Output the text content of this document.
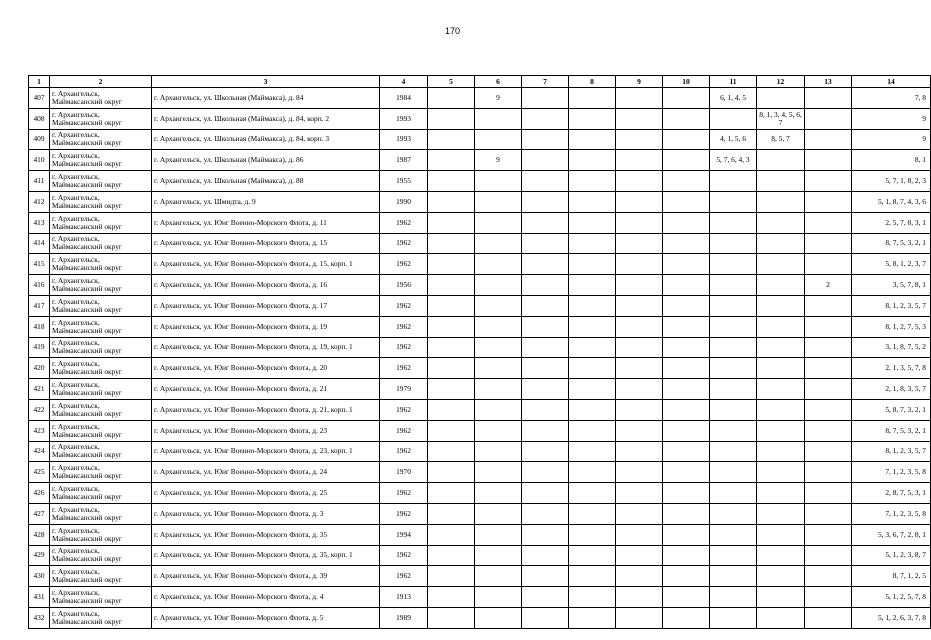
170
1	2	3	4	5	6	7	8	9	10	11	12	13	14
407	г. Архангельск, Маймаксанский округ	г. Архангельск, ул. Школьная (Маймакса), д. 84	1984		9					6, 1, 4, 5			7, 8
408	г. Архангельск, Маймаксанский округ	г. Архангельск, ул. Школьная (Маймакса), д. 84, корп. 2	1993								8, 1, 3, 4, 5, 6, 7		9
409	г. Архангельск, Маймаксанский округ	г. Архангельск, ул. Школьная (Маймакса), д. 84, корп. 3	1993							4, 1, 5, 6	8, 5, 7		9
410	г. Архангельск, Маймаксанский округ	г. Архангельск, ул. Школьная (Маймакса), д. 86	1987		9					5, 7, 6, 4, 3			8, 1
411	г. Архангельск, Маймаксанский округ	г. Архангельск, ул. Школьная (Маймакса), д. 88	1955										5, 7, 1, 8, 2, 3
412	г. Архангельск, Маймаксанский округ	г. Архангельск, ул. Шмидта, д. 9	1990										5, 1, 8, 7, 4, 3, 6
413	г. Архангельск, Маймаксанский округ	г. Архангельск, ул. Юнг Военно-Морского Флота, д. 11	1962										2, 5, 7, 8, 3, 1
414	г. Архангельск, Маймаксанский округ	г. Архангельск, ул. Юнг Военно-Морского Флота, д. 15	1962										8, 7, 5, 3, 2, 1
415	г. Архангельск, Маймаксанский округ	г. Архангельск, ул. Юнг Военно-Морского Флота, д. 15, корп. 1	1962										5, 8, 1, 2, 3, 7
416	г. Архангельск, Маймаксанский округ	г. Архангельск, ул. Юнг Военно-Морского Флота, д. 16	1956									2	3, 5, 7, 8, 1
417	г. Архангельск, Маймаксанский округ	г. Архангельск, ул. Юнг Военно-Морского Флота, д. 17	1962										8, 1, 2, 3, 5, 7
418	г. Архангельск, Маймаксанский округ	г. Архангельск, ул. Юнг Военно-Морского Флота, д. 19	1962										8, 1, 2, 7, 5, 3
419	г. Архангельск, Маймаксанский округ	г. Архангельск, ул. Юнг Военно-Морского Флота, д. 19, корп. 1	1962										3, 1, 8, 7, 5, 2
420	г. Архангельск, Маймаксанский округ	г. Архангельск, ул. Юнг Военно-Морского Флота, д. 20	1962										2, 1, 3, 5, 7, 8
421	г. Архангельск, Маймаксанский округ	г. Архангельск, ул. Юнг Военно-Морского Флота, д. 21	1979										2, 1, 8, 3, 5, 7
422	г. Архангельск, Маймаксанский округ	г. Архангельск, ул. Юнг Военно-Морского Флота, д. 21, корп. 1	1962										5, 8, 7, 3, 2, 1
423	г. Архангельск, Маймаксанский округ	г. Архангельск, ул. Юнг Военно-Морского Флота, д. 23	1962										8, 7, 5, 3, 2, 1
424	г. Архангельск, Маймаксанский округ	г. Архангельск, ул. Юнг Военно-Морского Флота, д. 23, корп. 1	1962										8, 1, 2, 3, 5, 7
425	г. Архангельск, Маймаксанский округ	г. Архангельск, ул. Юнг Военно-Морского Флота, д. 24	1970										7, 1, 2, 3, 5, 8
426	г. Архангельск, Маймаксанский округ	г. Архангельск, ул. Юнг Военно-Морского Флота, д. 25	1962										2, 8, 7, 5, 3, 1
427	г. Архангельск, Маймаксанский округ	г. Архангельск, ул. Юнг Военно-Морского Флота, д. 3	1962										7, 1, 2, 3, 5, 8
428	г. Архангельск, Маймаксанский округ	г. Архангельск, ул. Юнг Военно-Морского Флота, д. 35	1994										5, 3, 6, 7, 2, 8, 1
429	г. Архангельск, Маймаксанский округ	г. Архангельск, ул. Юнг Военно-Морского Флота, д. 35, корп. 1	1962										5, 1, 2, 3, 8, 7
430	г. Архангельск, Маймаксанский округ	г. Архангельск, ул. Юнг Военно-Морского Флота, д. 39	1962										8, 7, 1, 2, 5
431	г. Архангельск, Маймаксанский округ	г. Архангельск, ул. Юнг Военно-Морского Флота, д. 4	1913										5, 1, 2, 5, 7, 8
432	г. Архангельск, Маймаксанский округ	г. Архангельск, ул. Юнг Военно-Морского Флота, д. 5	1989										5, 1, 2, 6, 3, 7, 8
